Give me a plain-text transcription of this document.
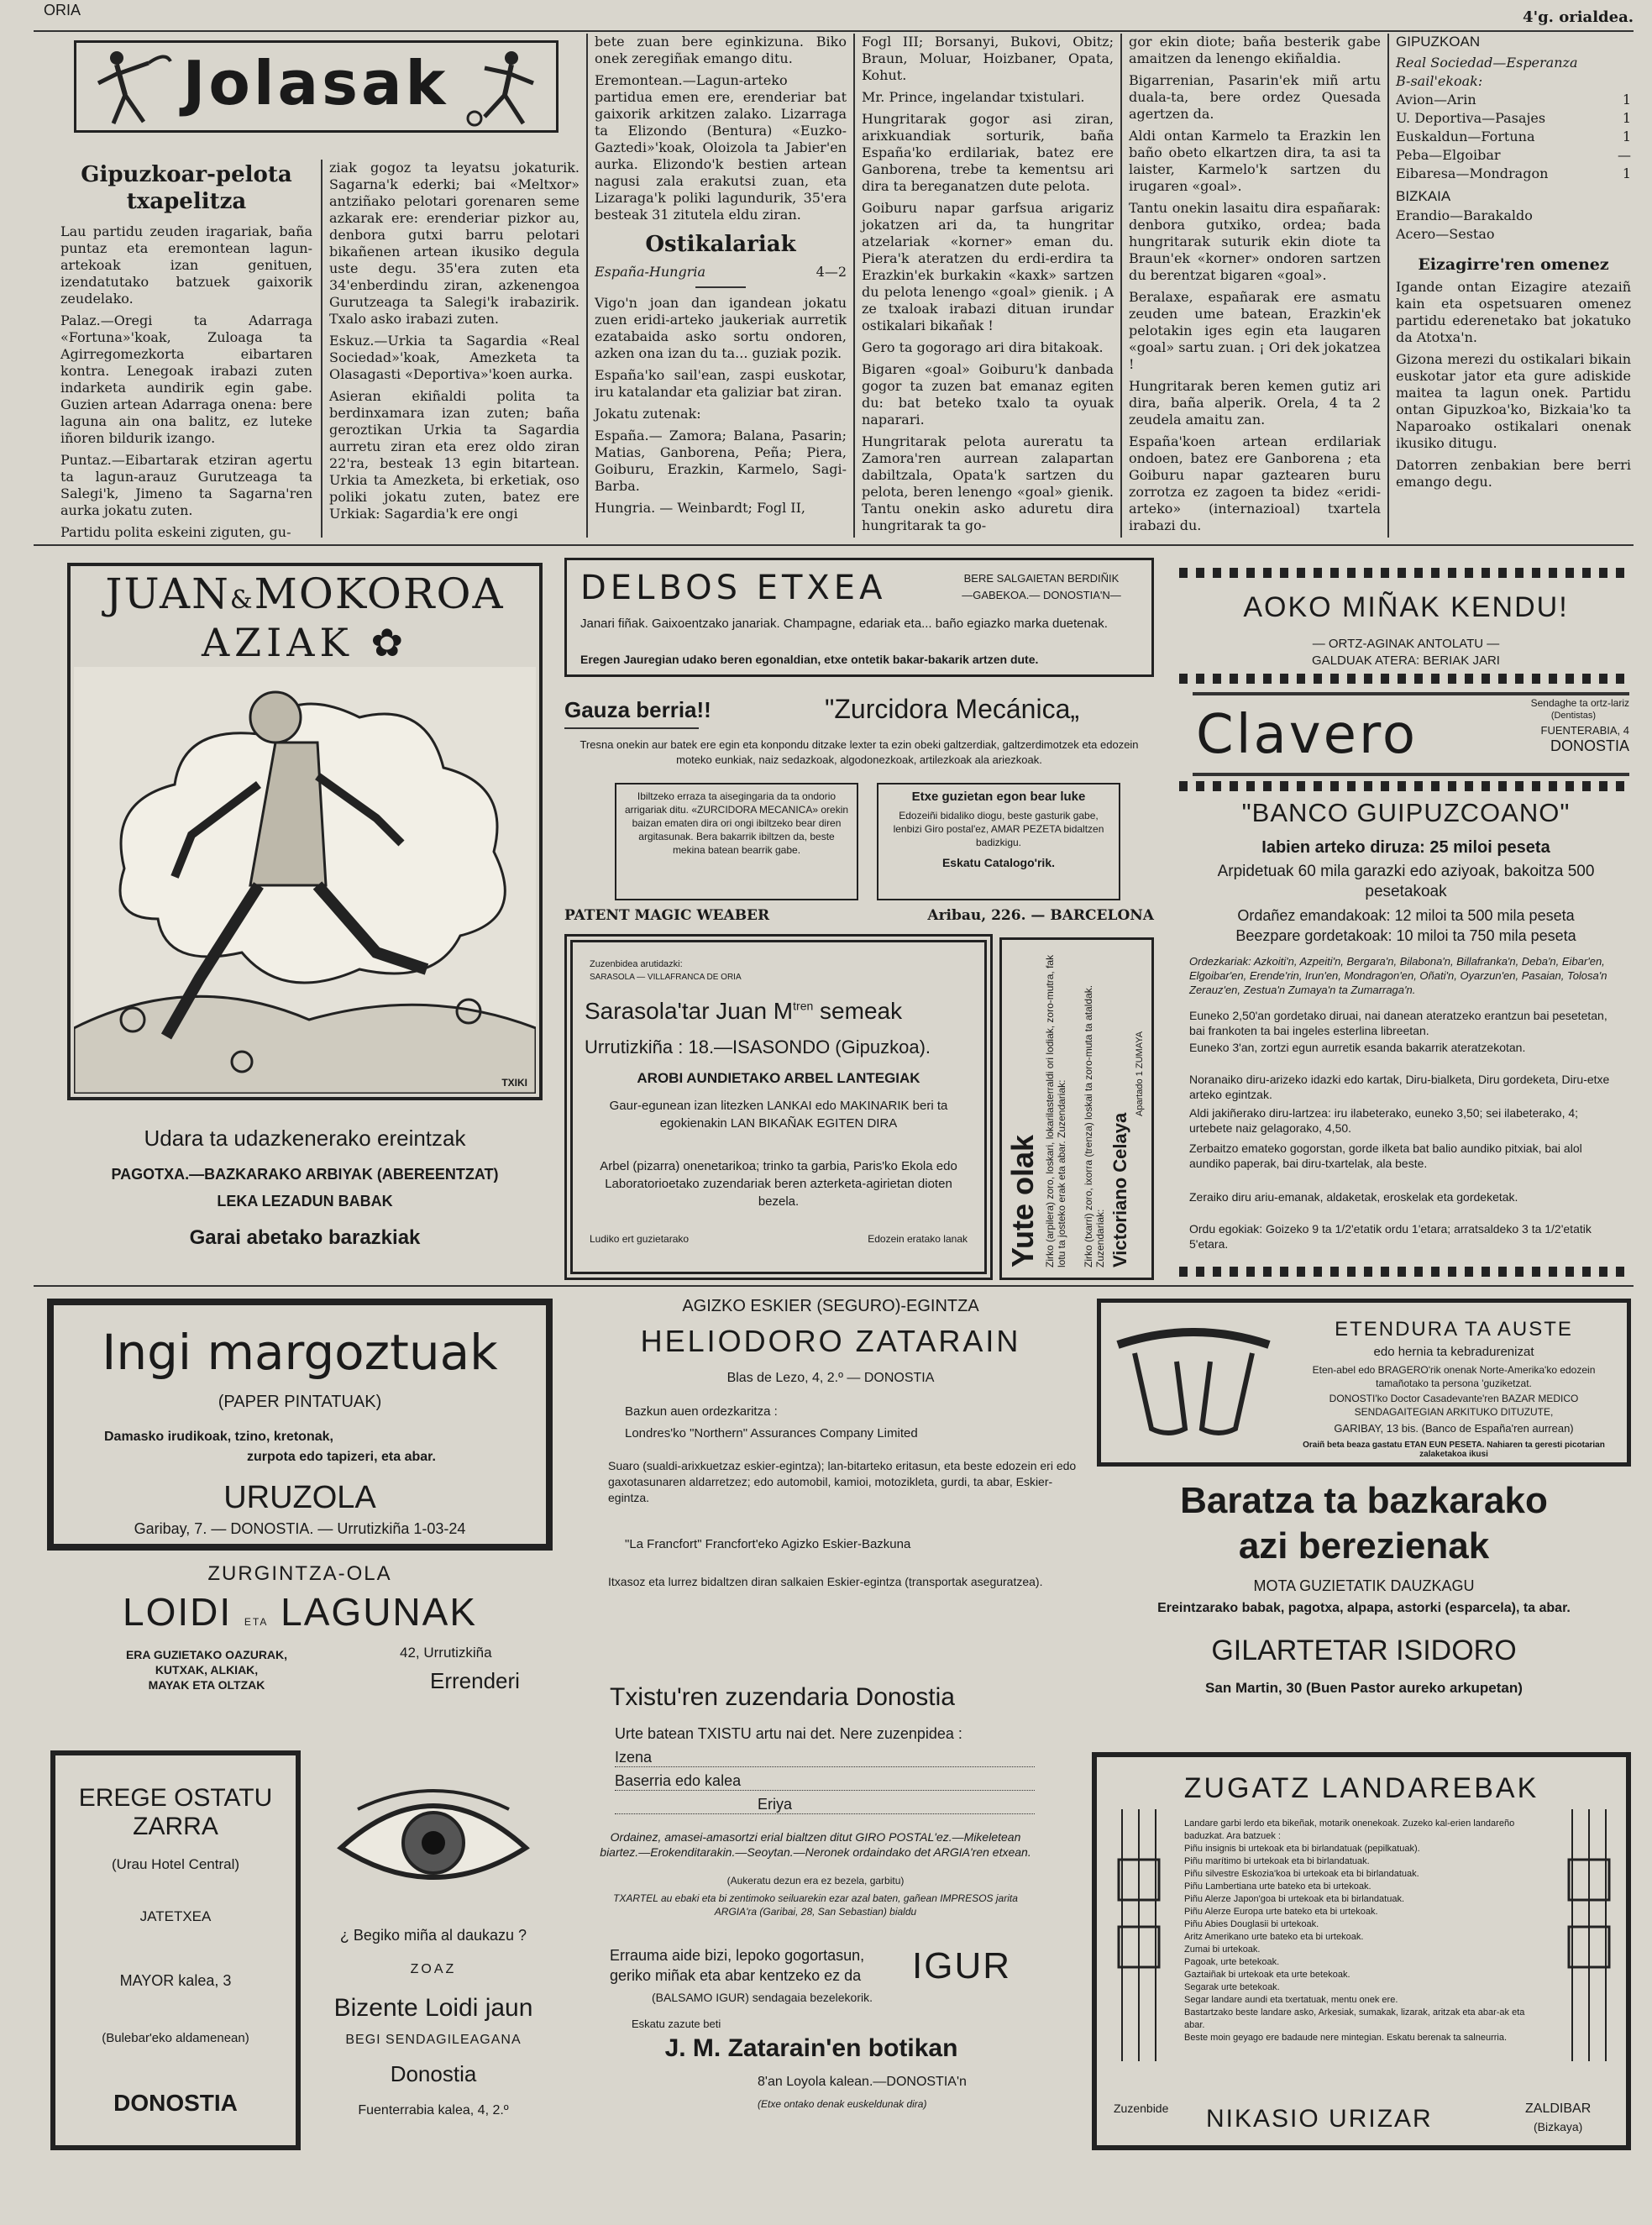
ORIA	4'g. orialdea.
Jolasak
Gipuzkoar-pelota txapelitza

Lau partidu zeuden iragariak, baña puntaz eta eremontean lagun-artekoak izan genituen, izendatutako batzuek gaixorik zeudelako.

Palaz.—Oregi ta Adarraga «Fortuna»'koak, Zuloaga ta Agirregomezkorta eibartaren kontra. Lenegoak irabazi zuten indarketa aundirik egin gabe. Guzien artean Adarraga onena: bere laguna ain ona balitz, ez luteke iñoren bildurik izango.

Puntaz.—Eibartarak etziran agertu ta lagun-arauz Gurutzeaga ta Salegi'k, Jimeno ta Sagarna'ren aurka jokatu zuten.

Partidu polita eskeini ziguten, gu-

ziak gogoz ta leyatsu jokaturik. Sagarna'k ederki; bai «Meltxor» antziñako pelotari gorenaren seme azkarak ere: erenderiar pizkor au, denbora gutxi barru pelotari bikañenen artean ikusiko degula uste degu. 35'era zuten eta 34'enberdindu ziran, azkenengoa Gurutzeaga ta Salegi'k irabazirik. Txalo asko irabazi zuten.

Eskuz.—Urkia ta Sagardia «Real Sociedad»'koak, Amezketa ta Olasagasti «Deportiva»'koen aurka.

Asieran ekiñaldi polita ta berdinxamara izan zuten; baña geroztikan Urkia ta Sagardia aurretu ziran eta erez oldo ziran 22'ra, besteak 13 egin bitartean. Urkia ta Amezketa, bi erketiak, oso poliki jokatu zuten, batez ere Urkiak: Sagardia'k ere ongi

bete zuan bere eginkizuna. Biko onek zeregiñak emango ditu.

Eremontean.—Lagun-arteko partidua emen ere, erenderiar bat gaixorik arkitzen zalako. Lizarraga ta Elizondo (Bentura) «Euzko-Gaztedi»'koak, Oloizola ta Jabier'en aurka. Elizondo'k bestien artean nagusi zala erakutsi zuan, eta Lizaraga'k poliki lagundurik, 35'era besteak 31 zitutela eldu ziran.

Ostikalariak
España-Hungria	4—2

Vigo'n joan dan igandean jokatu zuen eridi-arteko jaukeriak aurretik ezatabaida asko sortu ondoren, azken ona izan du ta... guziak pozik.

España'ko sail'ean, zaspi euskotar, iru katalandar eta galiziar bat ziran.

Jokatu zutenak:

España.— Zamora; Balana, Pasarin; Matias, Ganborena, Peña; Piera, Goiburu, Erazkin, Karmelo, Sagi-Barba.

Hungria. — Weinbardt; Fogl II,

Fogl III; Borsanyi, Bukovi, Obitz; Braun, Moluar, Hoizbaner, Opata, Kohut.

Mr. Prince, ingelandar txistulari.

Hungritarak gogor asi ziran, arixkuandiak sorturik, baña España'ko erdilariak, batez ere Ganborena, trebe ta kementsu ari dira ta bereganatzen dute pelota.

Goiburu napar garfsua arigariz jokatzen ari da, ta hungritar atzelariak «korner» eman du. Piera'k ateratzen du erdi-erdira ta Erazkin'ek burkakin «kaxk» sartzen du pelota lenengo «goal» gienik. ¡ A ze txaloak irabazi dituan irundar ostikalari bikañak !

Gero ta gogorago ari dira bitakoak.

Bigaren «goal» Goiburu'k danbada gogor ta zuzen bat emanaz egiten du: bat beteko txalo ta oyuak naparari.

Hungritarak pelota aureratu ta Zamora'ren aurrean zalapartan dabiltzala, Opata'k sartzen du pelota, beren lenengo «goal» gienik. Tantu onekin asko aduretu dira hungritarak ta go-

gor ekin diote; baña besterik gabe amaitzen da lenengo ekiñaldia.

Bigarrenian, Pasarin'ek miñ artu duala-ta, bere ordez Quesada agertzen da.

Aldi ontan Karmelo ta Erazkin len baño obeto elkartzen dira, ta asi ta laister, Karmelo'k sartzen du irugaren «goal».

Tantu onekin lasaitu dira españarak: denbora gutxiko, ordea; bada hungritarak suturik ekin diote ta Braun'ek «korner» ondoren sartzen du berentzat bigaren «goal».

Beralaxe, españarak ere asmatu zeuden ume batean, Erazkin'ek pelotakin iges egin eta laugaren «goal» sartu zuan. ¡ Ori dek jokatzea !

Hungritarak beren kemen gutiz ari dira, baña alperik. Orela, 4 ta 2 zeudela amaitu zan.

España'koen artean erdilariak ondoen, batez ere Ganborena ; eta Goiburu napar gaztearen buru zorrotza ez zagoen ta bidez «eridi-arteko» (internazioal) txartela irabazi du.

GIPUZKOAN
Real Sociedad—Esperanza
B-sail'ekoak:
Avion—Arin	1
U. Deportiva—Pasajes	1
Euskaldun—Fortuna	1
Peba—Elgoibar	—
Eibaresa—Mondragon	1
BIZKAIA
Erandio—Barakaldo
Acero—Sestao
Eizagirre'ren omenez

Igande ontan Eizagire atezaiñ kain eta ospetsuaren omenez partidu ederenetako bat jokatuko da Atotxa'n.

Gizona merezi du ostikalari bikain euskotar jator eta gure adiskide maitea ta lagun onek. Partidu ontan Gipuzkoa'ko, Bizkaia'ko ta Naparoako ostikalari onenak ikusiko ditugu.

Datorren zenbakian bere berri emango degu.

JUAN&MOKOROA
AZIAK ✿
TXIKI
Udara ta udazkenerako ereintzak
PAGOTXA.—BAZKARAKO ARBIYAK (ABEREENTZAT)
LEKA LEZADUN BABAK
Garai abetako barazkiak
DELBOS ETXEA	BERE SALGAIETAN BERDIÑIK
—GABEKOA.— DONOSTIA'N—
Janari fiñak. Gaixoentzako janariak. Champagne, edariak eta... baño egiazko marka duetenak.
Eregen Jauregian udako beren egonaldian, etxe ontetik bakar-bakarik artzen dute.
Gauza berria!!	"Zurcidora Mecánica„
Tresna onekin aur batek ere egin eta konpondu ditzake lexter ta ezin obeki galtzerdiak, galtzerdimotzek eta edozein moteko eunkiak, naiz sedazkoak, algodonezkoak, artilezkoak ala ariezkoak.
Ibiltzeko erraza ta aisegingaria da ta ondorio arrigariak ditu. «ZURCIDORA MECANICA» orekin baizan ematen dira ori ongi ibiltzeko bear diren argitasunak. Bera bakarrik ibiltzen da, beste mekina batean bearrik gabe.
Etxe guzietan egon bear luke
Edozeiñi bidaliko diogu, beste gasturik gabe, lenbizi Giro postal'ez, AMAR PEZETA bidaltzen badizkigu.
Eskatu Catalogo'rik.
PATENT MAGIC WEABER	Aribau, 226. — BARCELONA
Zuzenbidea arutidazki:
SARASOLA — VILLAFRANCA DE ORIA
Sarasola'tar Juan $M^{tren}$ semeak
Urrutizkiña : 18.—ISASONDO (Gipuzkoa).
AROBI AUNDIETAKO ARBEL LANTEGIAK
Gaur-egunean izan litezken LANKAI edo MAKINARIK beri ta egokienakin LAN BIKAÑAK EGITEN DIRA
Arbel (pizarra) onenetarikoa; trinko ta garbia, Paris'ko Ekola edo Laboratorioetako zuzendariak beren azterketa-agirietan dioten bezela.
Ludiko ert guzietarako	Edozein eratako lanak Yute olak Zirko (arpilera) zoro, loskari, lokarilasterraldi ori lodiak, zoro-mutra, fak lotu ta josteko erak eta abar. Zuzendariak:	Zirko (txarri) zoro, ixorra (trenza) loskai ta zoro-muta ta ataldak. Zuzendariak: Victoriano Celaya
Apartado 1 ZUMAYA
AOKO MIÑAK KENDU!
— ORTZ-AGINAK ANTOLATU —
GALDUAK ATERA: BERIAK JARI
Clavero
Sendaghe ta ortz-lariz
(Dentistas)
FUENTERABIA, 4
DONOSTIA
"BANCO GUIPUZCOANO"
Iabien arteko diruza: 25 miloi peseta
Arpidetuak 60 mila garazki edo aziyoak, bakoitza 500 pesetakoak
Ordañez emandakoak: 12 miloi ta 500 mila peseta
Beezpare gordetakoak: 10 miloi ta 750 mila peseta
Ordezkariak: Azkoiti'n, Azpeiti'n, Bergara'n, Bilabona'n, Billafranka'n, Deba'n, Eibar'en, Elgoibar'en, Erende'rin, Irun'en, Mondragon'en, Oñati'n, Oyarzun'en, Pasaian, Tolosa'n Zerauz'en, Zestua'n Zumaya'n ta Zumarraga'n.
Euneko 2,50'an gordetako diruai, nai danean ateratzeko erantzun bai pesetetan, bai frankoten ta bai ingeles esterlina libreetan.
Euneko 3'an, zortzi egun aurretik esanda bakarrik ateratzekotan.
Noranaiko diru-arizeko idazki edo kartak, Diru-bialketa, Diru gordeketa, Diru-etxe arteko egintzak.
Aldi jakiñerako diru-lartzea: iru ilabeterako, euneko 3,50; sei ilabeterako, 4; urtebete naiz gelagorako, 4,50.
Zerbaitzo emateko gogorstan, gorde ilketa bat balio aundiko pitxiak, bai alol aundiko paperak, bai diru-txartelak, ala beste.
Zeraiko diru ariu-emanak, aldaketak, eroskelak eta gordeketak.
Ordu egokiak: Goizeko 9 ta 1/2'etatik ordu 1'etara; arratsaldeko 3 ta 1/2'etatik 5'etara.
Ingi margoztuak
(PAPER PINTATUAK)
Damasko irudikoak, tzino, kretonak,
zurpota edo tapizeri, eta abar.
URUZOLA
Garibay, 7. — DONOSTIA. — Urrutizkiña 1-03-24
AGIZKO ESKIER (SEGURO)-EGINTZA
HELIODORO ZATARAIN
Blas de Lezo, 4, 2.º — DONOSTIA
Bazkun auen ordezkaritza :
Londres'ko "Northern" Assurances Company Limited
Suaro (sualdi-arixkuetzaz eskier-egintza); lan-bitarteko eritasun, eta beste edozein eri edo gaxotasunaren aldarretzez; edo automobil, kamioi, motozikleta, gurdi, ta abar, Eskier-egintza.
"La Francfort" Francfort'eko Agizko Eskier-Bazkuna
Itxasoz eta lurrez bidaltzen diran salkaien Eskier-egintza (transportak aseguratzea).
ETENDURA TA AUSTE
edo hernia ta kebradurenizat
Eten-abel edo BRAGERO'rik onenak Norte-Amerika'ko edozein tamañotako ta persona 'guziketzat.
DONOSTI'ko Doctor Casadevante'ren BAZAR MEDICO SENDAGAITEGIAN ARKITUKO DITUZUTE,
GARIBAY, 13 bis. (Banco de España'ren aurrean)
Oraiñ beta beaza gastatu ETAN EUN PESETA. Nahiaren ta geresti picotarian zalaketakoa ikusi
Baratza ta bazkarako
azi berezienak
MOTA GUZIETATIK DAUZKAGU
Ereintzarako babak, pagotxa, alpapa, astorki (esparcela), ta abar.
GILARTETAR ISIDORO
San Martin, 30 (Buen Pastor aureko arkupetan)
ZURGINTZA-OLA
LOIDI ETA LAGUNAK
ERA GUZIETAKO OAZURAK,
KUTXAK, ALKIAK,
MAYAK ETA OLTZAK
42, Urrutizkiña
Errenderi
EREGE OSTATU ZARRA
(Urau Hotel Central)
JATETXEA
MAYOR kalea, 3
(Bulebar'eko aldamenean)
DONOSTIA
¿ Begiko miña al daukazu ?
ZOAZ
Bizente Loidi jaun
BEGI SENDAGILEAGANA
Donostia
Fuenterrabia kalea, 4, 2.º
Txistu'ren zuzendaria Donostia
Urte batean TXISTU artu nai det. Nere zuzenpidea :
Izena
Baserria edo kalea
Eriya
Ordainez, amasei-amasortzi erial bialtzen ditut GIRO POSTAL'ez.—Mikeletean biartez.—Erokenditarakin.—Seoytan.—Neronek ordaindako det ARGIA'ren etxean.
(Aukeratu dezun era ez bezela, garbitu)
TXARTEL au ebaki eta bi zentimoko seiluarekin ezar azal baten, gañean IMPRESOS jarita ARGIA'ra (Garibai, 28, San Sebastian) bialdu
Errauma aide bizi, lepoko gogortasun,
geriko miñak eta abar kentzeko ez da IGUR
(BALSAMO IGUR) sendagaia bezelekorik.
Eskatu zazute beti
J. M. Zatarain'en botikan
8'an Loyola kalean.—DONOSTIA'n
(Etxe ontako denak euskeldunak dira)
ZUGATZ LANDAREBAK
Landare garbi lerdo eta bikeñak, motarik onenekoak. Zuzeko kal-erien landareño baduzkat. Ara batzuek :
Piñu insignis bi urtekoak eta bi birlandatuak (pepilkatuak).
Piñu marítimo bi urtekoak eta bi birlandatuak.
Piñu silvestre Eskozia'koa bi urtekoak eta bi birlandatuak.
Piñu Lambertiana urte bateko eta bi urtekoak.
Piñu Alerze Japon'goa bi urtekoak eta bi birlandatuak.
Piñu Alerze Europa urte bateko eta bi urtekoak.
Piñu Abies Douglasii bi urtekoak.
Aritz Amerikano urte bateko eta bi urtekoak.
Zumai bi urtekoak.
Pagoak, urte betekoak.
Gaztaiñak bi urtekoak eta urte betekoak.
Segarak urte betekoak.
Segar landare aundi eta txertatuak, mentu onek ere.
Bastartzako beste landare asko, Arkesiak, sumakak, lizarak, aritzak eta abar-ak eta abar.
Beste moin geyago ere badaude nere mintegian. Eskatu berenak ta salneurria.
Zuzenbide NIKASIO URIZAR	ZALDIBAR
(Bizkaya)
